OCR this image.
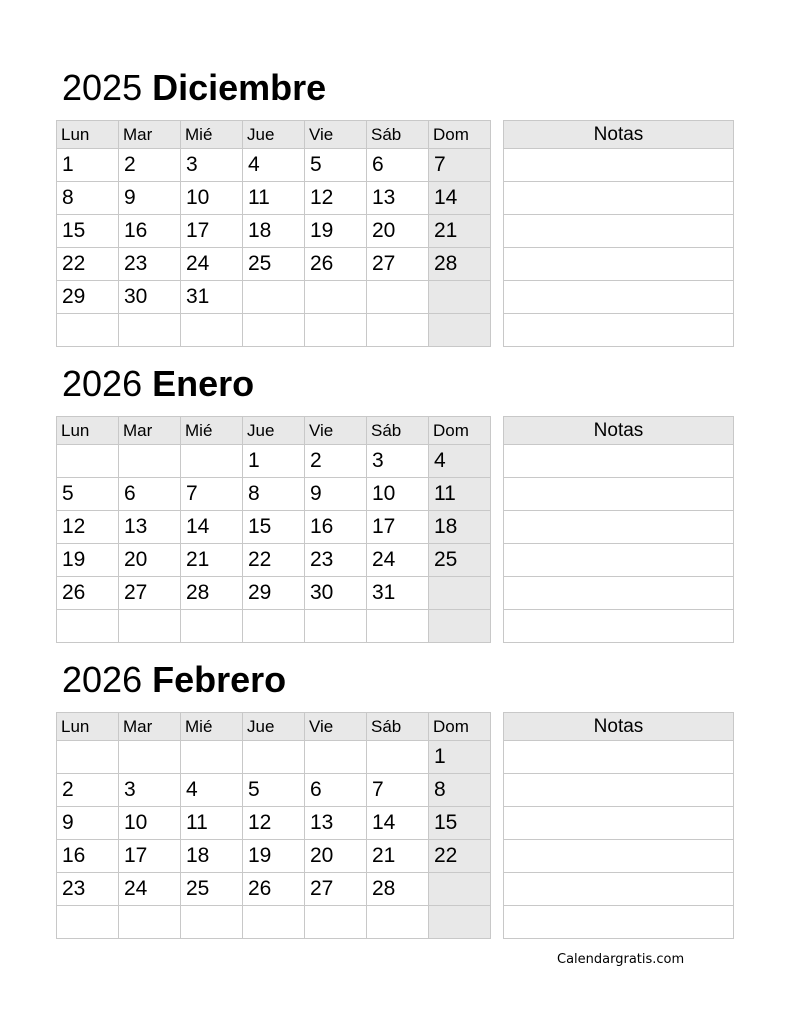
2025 Diciembre
Lun	Mar	Mié	Jue	Vie	Sáb	Dom
1	2	3	4	5	6	7
8	9	10	11	12	13	14
15	16	17	18	19	20	21
22	23	24	25	26	27	28
29	30	31				

Notas

2026 Enero
Lun	Mar	Mié	Jue	Vie	Sáb	Dom
			1	2	3	4
5	6	7	8	9	10	11
12	13	14	15	16	17	18
19	20	21	22	23	24	25
26	27	28	29	30	31	

Notas

2026 Febrero
Lun	Mar	Mié	Jue	Vie	Sáb	Dom
						1
2	3	4	5	6	7	8
9	10	11	12	13	14	15
16	17	18	19	20	21	22
23	24	25	26	27	28	

Notas

Calendargratis.com
